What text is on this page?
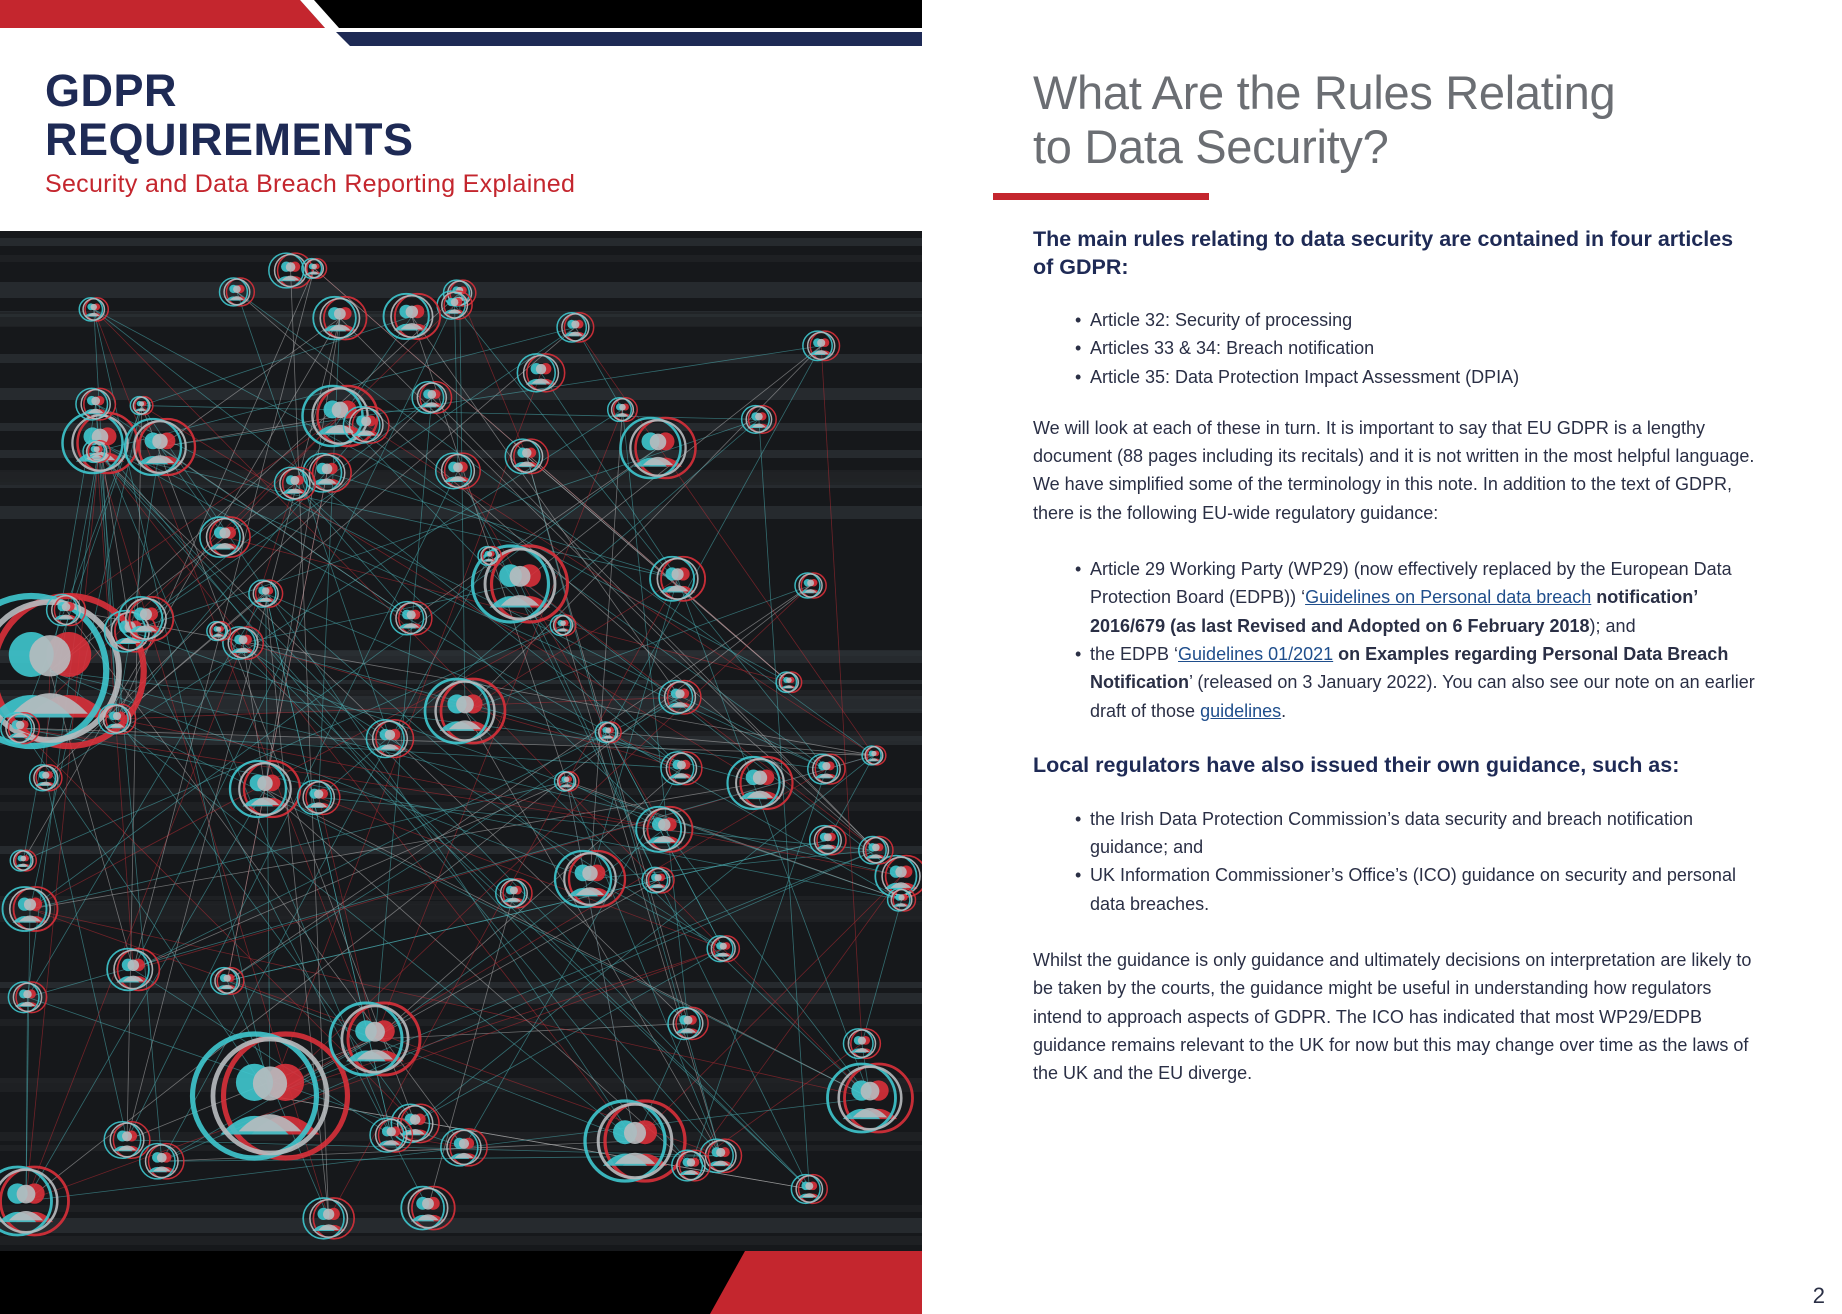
GDPR
REQUIREMENTS

Security and Data Breach Reporting Explained

What Are the Rules Relating
to Data Security?

The main rules relating to data security are contained in four articles of GDPR:

• Article 32: Security of processing
• Articles 33 & 34: Breach notification
• Article 35: Data Protection Impact Assessment (DPIA)

We will look at each of these in turn. It is important to say that EU GDPR is a lengthy document (88 pages including its recitals) and it is not written in the most helpful language. We have simplified some of the terminology in this note. In addition to the text of GDPR, there is the following EU-wide regulatory guidance:

• Article 29 Working Party (WP29) (now effectively replaced by the European Data Protection Board (EDPB)) ‘Guidelines on Personal data breach notification’ 2016/679 (as last Revised and Adopted on 6 February 2018); and
• the EDPB ‘Guidelines 01/2021 on Examples regarding Personal Data Breach Notification’ (released on 3 January 2022). You can also see our note on an earlier draft of those guidelines.

Local regulators have also issued their own guidance, such as:

• the Irish Data Protection Commission’s data security and breach notification guidance; and
• UK Information Commissioner’s Office’s (ICO) guidance on security and personal data breaches.

Whilst the guidance is only guidance and ultimately decisions on interpretation are likely to be taken by the courts, the guidance might be useful in understanding how regulators intend to approach aspects of GDPR. The ICO has indicated that most WP29/EDPB guidance remains relevant to the UK for now but this may change over time as the laws of the UK and the EU diverge.

2
